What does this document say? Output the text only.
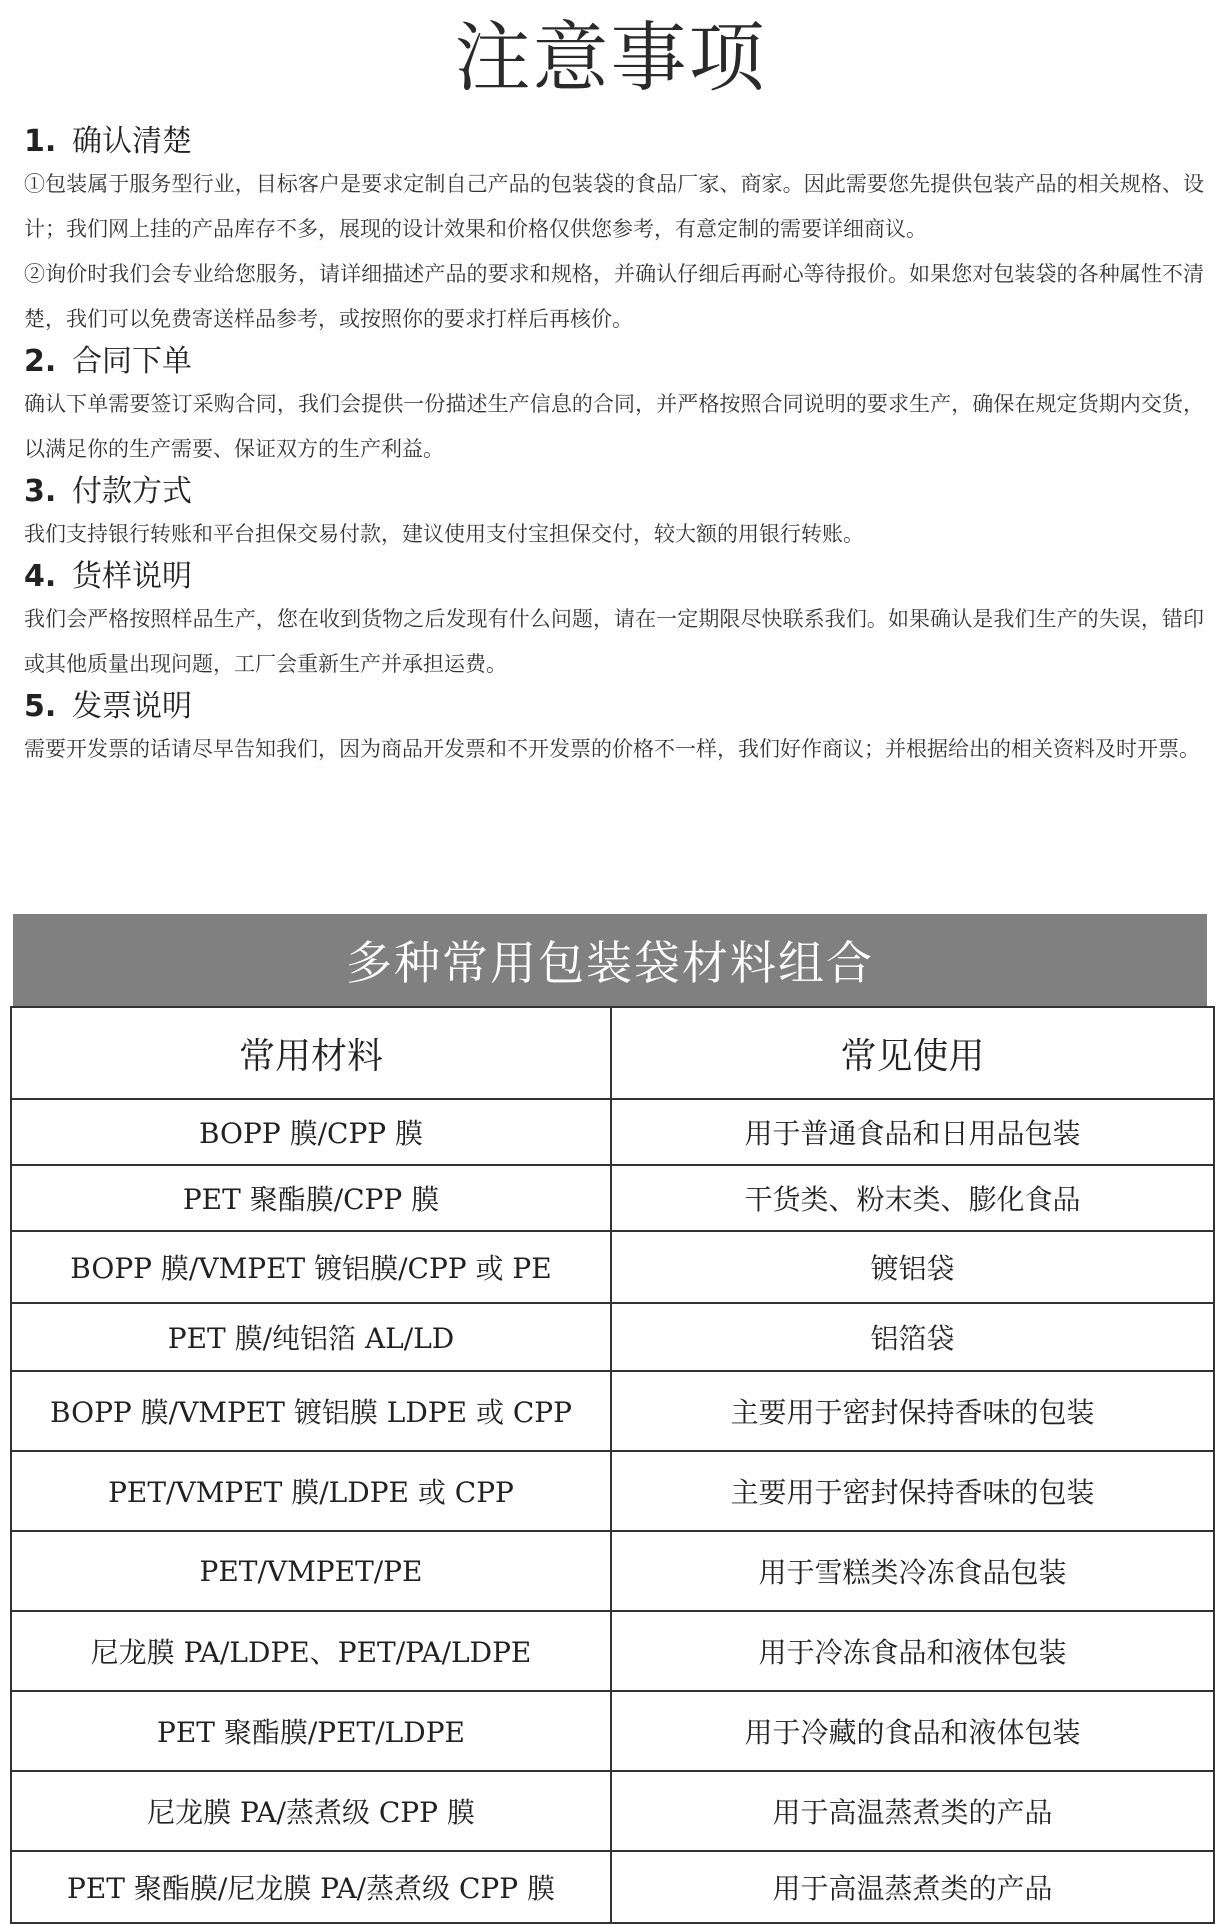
注意事项
1. 确认清楚
①包装属于服务型行业，目标客户是要求定制自己产品的包装袋的食品厂家、商家。因此需要您先提供包装产品的相关规格、设计；我们网上挂的产品库存不多，展现的设计效果和价格仅供您参考，有意定制的需要详细商议。
②询价时我们会专业给您服务，请详细描述产品的要求和规格，并确认仔细后再耐心等待报价。如果您对包装袋的各种属性不清楚，我们可以免费寄送样品参考，或按照你的要求打样后再核价。
2. 合同下单
确认下单需要签订采购合同，我们会提供一份描述生产信息的合同，并严格按照合同说明的要求生产，确保在规定货期内交货，以满足你的生产需要、保证双方的生产利益。
3. 付款方式
我们支持银行转账和平台担保交易付款，建议使用支付宝担保交付，较大额的用银行转账。
4. 货样说明
我们会严格按照样品生产，您在收到货物之后发现有什么问题，请在一定期限尽快联系我们。如果确认是我们生产的失误，错印或其他质量出现问题，工厂会重新生产并承担运费。
5. 发票说明
需要开发票的话请尽早告知我们，因为商品开发票和不开发票的价格不一样，我们好作商议；并根据给出的相关资料及时开票。
多种常用包装袋材料组合
常用材料	常见使用
BOPP 膜/CPP 膜	用于普通食品和日用品包装
PET 聚酯膜/CPP 膜	干货类、粉末类、膨化食品
BOPP 膜/VMPET 镀铝膜/CPP 或 PE	镀铝袋
PET 膜/纯铝箔 AL/LD	铝箔袋
BOPP 膜/VMPET 镀铝膜 LDPE 或 CPP	主要用于密封保持香味的包装
PET/VMPET 膜/LDPE 或 CPP	主要用于密封保持香味的包装
PET/VMPET/PE	用于雪糕类冷冻食品包装
尼龙膜 PA/LDPE、PET/PA/LDPE	用于冷冻食品和液体包装
PET 聚酯膜/PET/LDPE	用于冷藏的食品和液体包装
尼龙膜 PA/蒸煮级 CPP 膜	用于高温蒸煮类的产品
PET 聚酯膜/尼龙膜 PA/蒸煮级 CPP 膜	用于高温蒸煮类的产品
